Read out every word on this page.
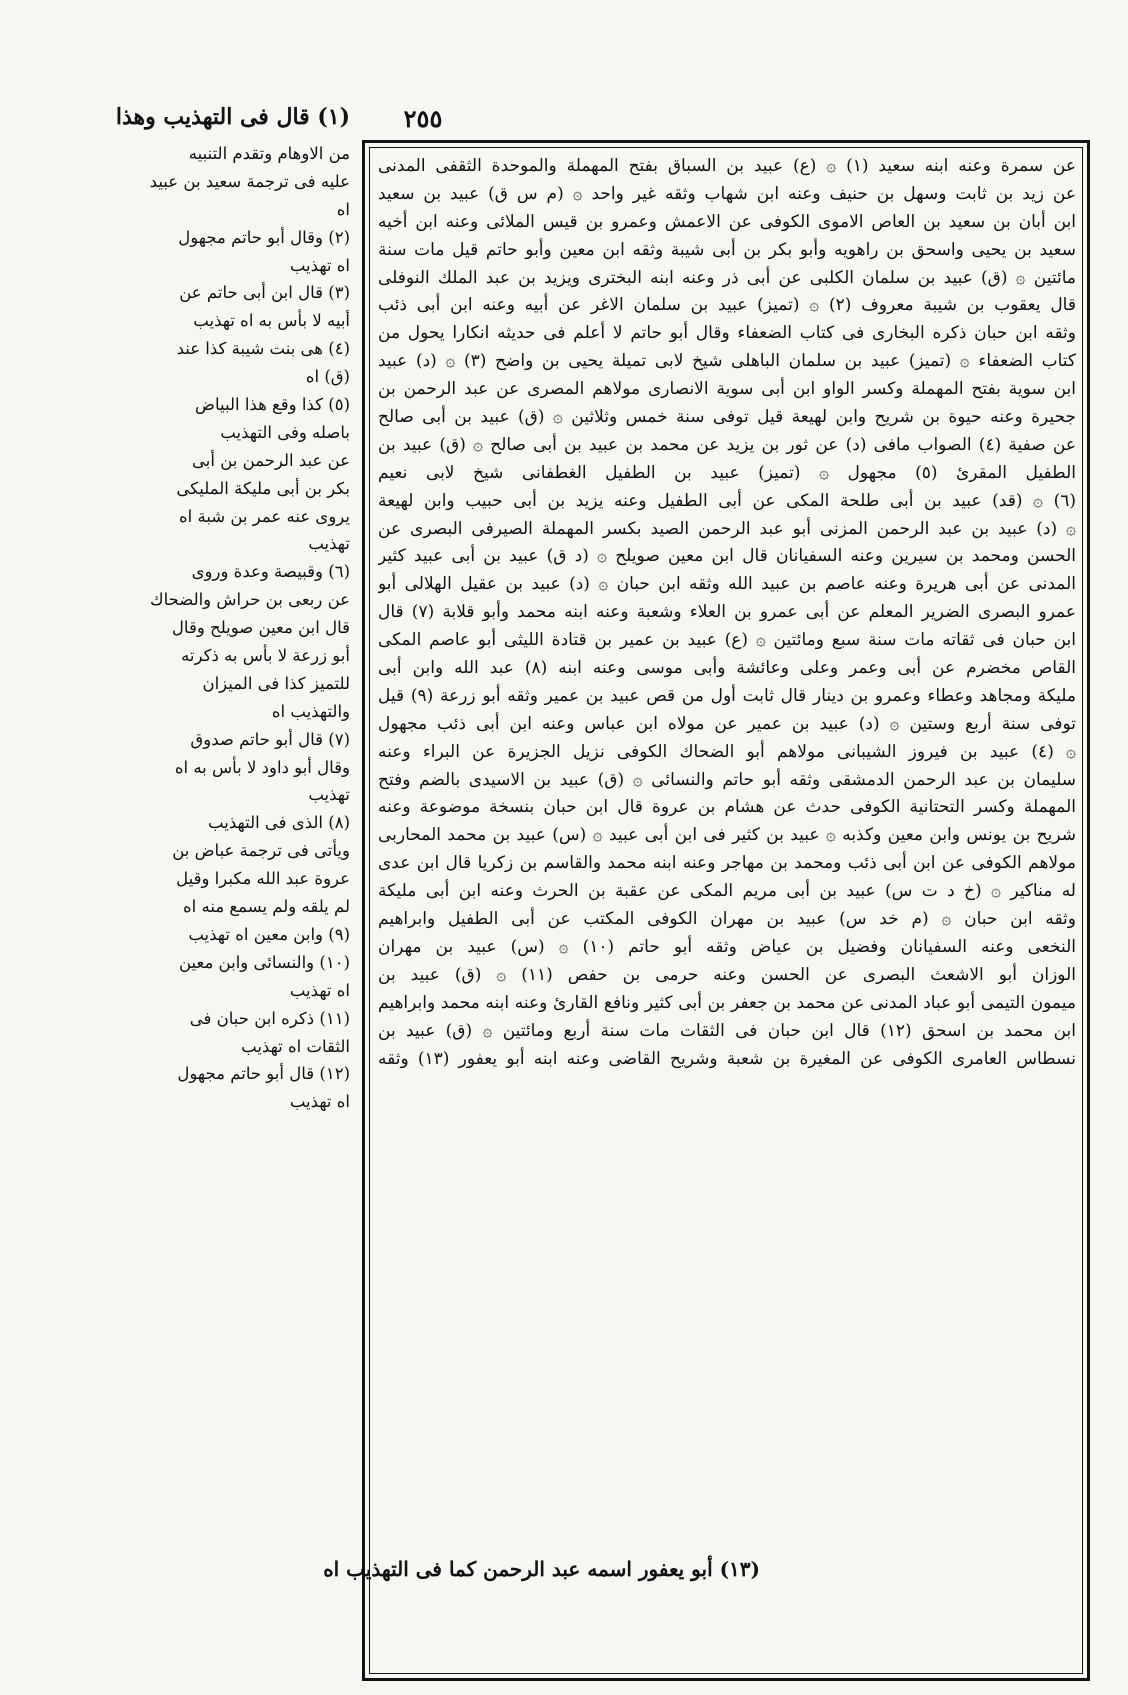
٢٥٥
(١) قال فى التهذيب وهذا
عن سمرة وعنه ابنه سعيد (١) ۞ (ع) عبيد بن السباق بفتح المهملة والموحدة الثقفى المدنى
عن زيد بن ثابت وسهل بن حنيف وعنه ابن شهاب وثقه غير واحد ۞ (م س ق) عبيد بن سعيد
ابن أبان بن سعيد بن العاص الاموى الكوفى عن الاعمش وعمرو بن قيس الملائى وعنه ابن أخيه
سعيد بن يحيى واسحق بن راهويه وأبو بكر بن أبى شيبة وثقه ابن معين وأبو حاتم قيل مات سنة
مائتين ۞ (ق) عبيد بن سلمان الكلبى عن أبى ذر وعنه ابنه البخترى ويزيد بن عبد الملك النوفلى
قال يعقوب بن شيبة معروف (٢) ۞ (تميز) عبيد بن سلمان الاغر عن أبيه وعنه ابن أبى ذئب
وثقه ابن حبان ذكره البخارى فى كتاب الضعفاء وقال أبو حاتم لا أعلم فى حديثه انكارا يحول من
كتاب الضعفاء ۞ (تميز) عبيد بن سلمان الباهلى شيخ لابى تميلة يحيى بن واضح (٣) ۞ (د) عبيد
ابن سوية بفتح المهملة وكسر الواو ابن أبى سوية الانصارى مولاهم المصرى عن عبد الرحمن بن
جحيرة وعنه حيوة بن شريح وابن لهيعة قيل توفى سنة خمس وثلاثين ۞ (ق) عبيد بن أبى صالح
عن صفية (٤) الصواب مافى (د) عن ثور بن يزيد عن محمد بن عبيد بن أبى صالح ۞ (ق) عبيد بن
الطفيل المقرئ (٥) مجهول ۞ (تميز) عبيد بن الطفيل الغطفانى شيخ لابى نعيم
(٦) ۞ (قد) عبيد بن أبى طلحة المكى عن أبى الطفيل وعنه يزيد بن أبى حبيب وابن لهيعة
۞ (د) عبيد بن عبد الرحمن المزنى أبو عبد الرحمن الصيد بكسر المهملة الصيرفى البصرى عن
الحسن ومحمد بن سيرين وعنه السفيانان قال ابن معين صويلح ۞ (د ق) عبيد بن أبى عبيد كثير
المدنى عن أبى هريرة وعنه عاصم بن عبيد الله وثقه ابن حبان ۞ (د) عبيد بن عقيل الهلالى أبو
عمرو البصرى الضرير المعلم عن أبى عمرو بن العلاء وشعبة وعنه ابنه محمد وأبو قلابة (٧) قال
ابن حبان فى ثقاته مات سنة سبع ومائتين ۞ (ع) عبيد بن عمير بن قتادة الليثى أبو عاصم المكى
القاص مخضرم عن أبى وعمر وعلى وعائشة وأبى موسى وعنه ابنه (٨) عبد الله وابن أبى
مليكة ومجاهد وعطاء وعمرو بن دينار قال ثابت أول من قص عبيد بن عمير وثقه أبو زرعة (٩) قيل
توفى سنة أربع وستين ۞ (د) عبيد بن عمير عن مولاه ابن عباس وعنه ابن أبى ذئب مجهول
۞ (٤) عبيد بن فيروز الشيبانى مولاهم أبو الضحاك الكوفى نزيل الجزيرة عن البراء وعنه
سليمان بن عبد الرحمن الدمشقى وثقه أبو حاتم والنسائى ۞ (ق) عبيد بن الاسيدى بالضم وفتح
المهملة وكسر التحتانية الكوفى حدث عن هشام بن عروة قال ابن حبان بنسخة موضوعة وعنه
شريح بن يونس وابن معين وكذبه ۞ عبيد بن كثير فى ابن أبى عبيد ۞ (س) عبيد بن محمد المحاربى
مولاهم الكوفى عن ابن أبى ذئب ومحمد بن مهاجر وعنه ابنه محمد والقاسم بن زكريا قال ابن عدى
له مناكير ۞ (خ د ت س) عبيد بن أبى مريم المكى عن عقبة بن الحرث وعنه ابن أبى مليكة
وثقه ابن حبان ۞ (م خد س) عبيد بن مهران الكوفى المكتب عن أبى الطفيل وابراهيم
النخعى وعنه السفيانان وفضيل بن عياض وثقه أبو حاتم (١٠) ۞ (س) عبيد بن مهران
الوزان أبو الاشعث البصرى عن الحسن وعنه حرمى بن حفص (١١) ۞ (ق) عبيد بن
ميمون التيمى أبو عباد المدنى عن محمد بن جعفر بن أبى كثير ونافع القارئ وعنه ابنه محمد وابراهيم
ابن محمد بن اسحق (١٢) قال ابن حبان فى الثقات مات سنة أربع ومائتين ۞ (ق) عبيد بن
نسطاس العامرى الكوفى عن المغيرة بن شعبة وشريح القاضى وعنه ابنه أبو يعفور (١٣) وثقه
من الاوهام وتقدم التنبيه
عليه فى ترجمة سعيد بن عبيد
اه
(٢) وقال أبو حاتم مجهول
اه تهذيب
(٣) قال ابن أبى حاتم عن
أبيه لا بأس به اه تهذيب
(٤) هى بنت شيبة كذا عند
(ق) اه
(٥) كذا وقع هذا البياض
باصله وفى التهذيب
عن عبد الرحمن بن أبى
بكر بن أبى مليكة المليكى
يروى عنه عمر بن شبة اه
تهذيب
(٦) وقبيصة وعدة وروى
عن ربعى بن حراش والضحاك
قال ابن معين صويلح وقال
أبو زرعة لا بأس به ذكرته
للتميز كذا فى الميزان
والتهذيب اه
(٧) قال أبو حاتم صدوق
وقال أبو داود لا بأس به اه
تهذيب
(٨) الذى فى التهذيب
ويأتى فى ترجمة عباض بن
عروة عبد الله مكبرا وقيل
لم يلقه ولم يسمع منه اه
(٩) وابن معين اه تهذيب
(١٠) والنسائى وابن معين
اه تهذيب
(١١) ذكره ابن حبان فى
الثقات اه تهذيب
(١٢) قال أبو حاتم مجهول
اه تهذيب
(١٣) أبو يعفور اسمه عبد الرحمن كما فى التهذيب اه
